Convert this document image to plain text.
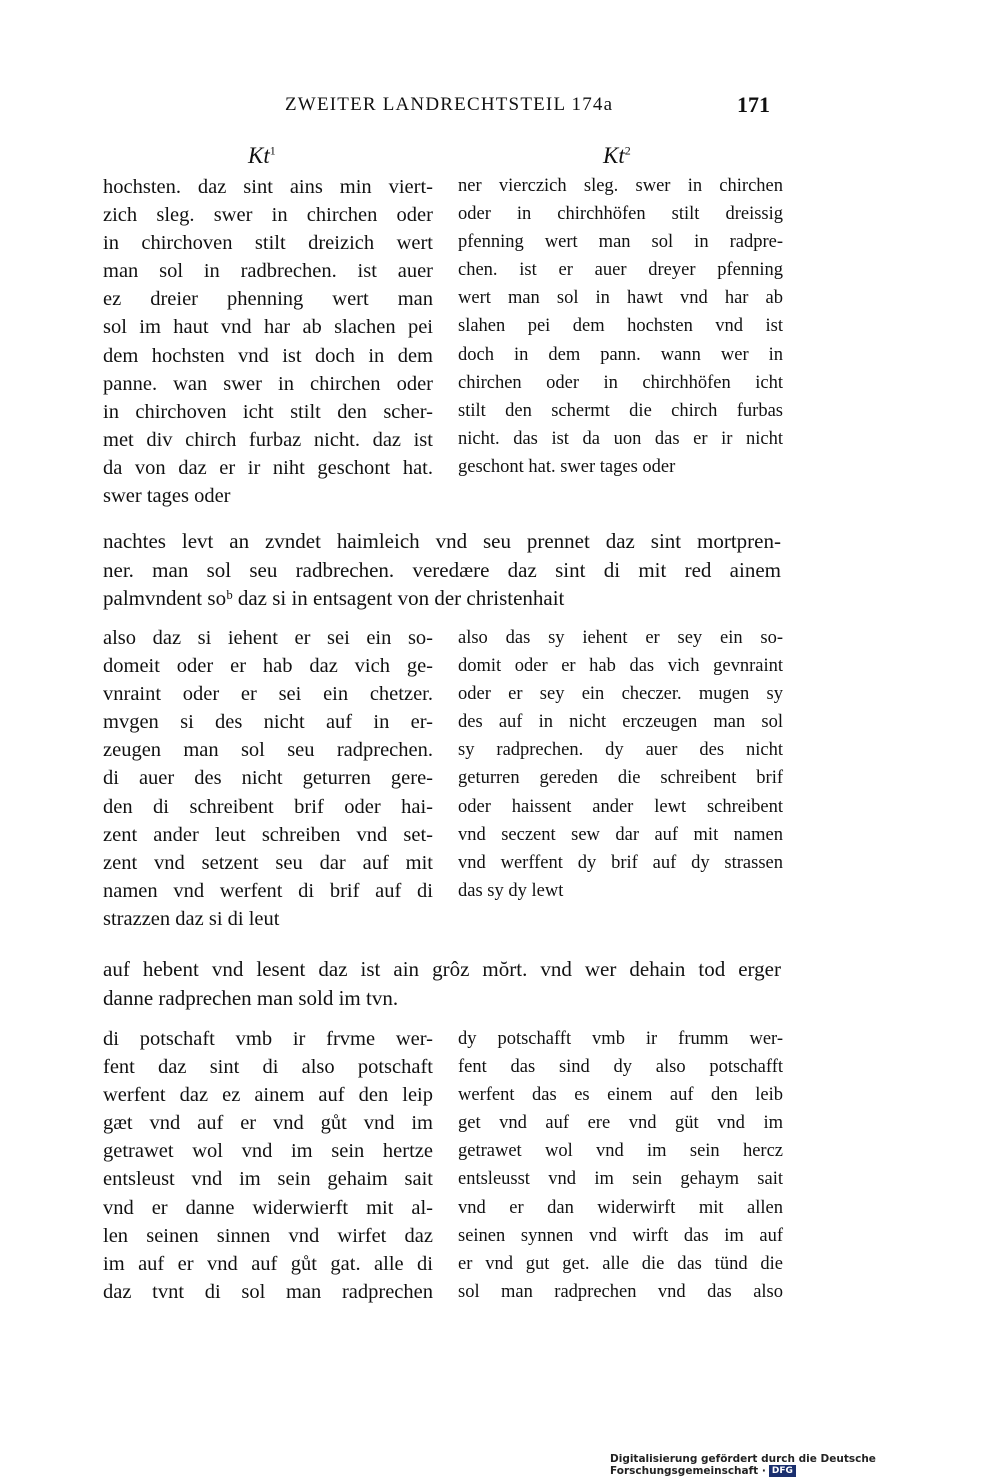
ZWEITER LANDRECHTSTEIL 174a	171
Kt$^1$	Kt$^2$
hochsten. daz sint ains min viert-
zich sleg. swer in chirchen oder
in chirchoven stilt dreizich wert
man sol in radbrechen. ist auer
ez dreier phenning wert man
sol im haut vnd har ab slachen pei
dem hochsten vnd ist doch in dem
panne. wan swer in chirchen oder
in chirchoven icht stilt den scher-
met div chirch furbaz nicht. daz ist
da von daz er ir niht geschont hat.
swer tages oder
ner vierczich sleg. swer in chirchen
oder in chirchhöfen stilt dreissig
pfenning wert man sol in radpre-
chen. ist er auer dreyer pfenning
wert man sol in hawt vnd har ab
slahen pei dem hochsten vnd ist
doch in dem pann. wann wer in
chirchen oder in chirchhöfen icht
stilt den schermt die chirch furbas
nicht. das ist da uon das er ir nicht
geschont hat. swer tages oder
nachtes levt an zvndet haimleich vnd seu prennet daz sint mortpren-
ner. man sol seu radbrechen. veredære daz sint di mit red ainem
palmvndent soᵇ daz si in entsagent von der christenhait
also daz si iehent er sei ein so-
domeit oder er hab daz vich ge-
vnraint oder er sei ein chetzer.
mvgen si des nicht auf in er-
zeugen man sol seu radprechen.
di auer des nicht geturren gere-
den di schreibent brif oder hai-
zent ander leut schreiben vnd set-
zent vnd setzent seu dar auf mit
namen vnd werfent di brif auf di
strazzen daz si di leut
also das sy iehent er sey ein so-
domit oder er hab das vich gevnraint
oder er sey ein checzer. mugen sy
des auf in nicht erczeugen man sol
sy radprechen. dy auer des nicht
geturren gereden die schreibent brif
oder haissent ander lewt schreibent
vnd seczent sew dar auf mit namen
vnd werffent dy brif auf dy strassen
das sy dy lewt
auf hebent vnd lesent daz ist ain grôz mŏrt. vnd wer dehain tod erger
danne radprechen man sold im tvn.
di potschaft vmb ir frvme wer-
fent daz sint di also potschaft
werfent daz ez ainem auf den leip
gæt vnd auf er vnd gůt vnd im
getrawet wol vnd im sein hertze
entsleust vnd im sein gehaim sait
vnd er danne widerwierft mit al-
len seinen sinnen vnd wirfet daz
im auf er vnd auf gůt gat. alle di
daz tvnt di sol man radprechen
dy potschafft vmb ir frumm wer-
fent das sind dy also potschafft
werfent das es einem auf den leib
get vnd auf ere vnd güt vnd im
getrawet wol vnd im sein hercz
entsleusst vnd im sein gehaym sait
vnd er dan widerwirft mit allen
seinen synnen vnd wirft das im auf
er vnd gut get. alle die das tünd die
sol man radprechen vnd das also
Digitalisierung gefördert durch die Deutsche Forschungsgemeinschaft · DFG
